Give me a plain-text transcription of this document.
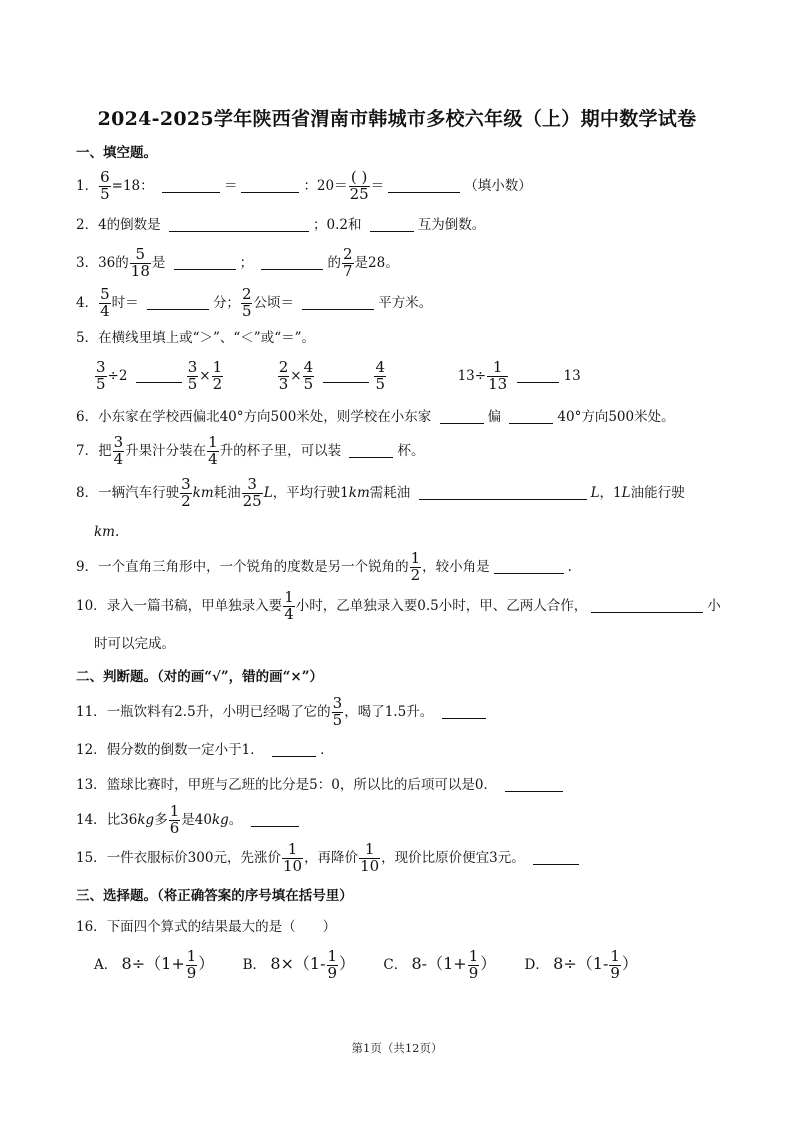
2024-2025学年陕西省渭南市韩城市多校六年级（上）期中数学试卷
一、填空题。
1． $\frac{6}{5} =18$：	＝	：$20= \frac{( )}{25}$ ＝	（填小数）
2．4的倒数是	；0.2和	互为倒数。
3．36的 $\frac{5}{18}$ 是	；	的 $\frac{2}{7}$ 是28。
4． $\frac{5}{4}$ 时＝	分； $\frac{2}{5}$ 公顷＝	平方米。
5．在横线里填上或“＞”、“＜”或“＝”。
$\frac{3}{5} \div 2$	$\frac{3}{5} \times \frac{1}{2}$
	$\frac{2}{3} \times \frac{4}{5}$
	$\frac{4}{5}$	$13\div \frac{1}{13}$	13
6．小东家在学校西偏北40°方向500米处，则学校在小东家	偏	40°方向500米处。
7．把 $\frac{3}{4}$ 升果汁分装在 $\frac{1}{4}$ 升的杯子里，可以装	杯。
8．一辆汽车行驶 $\frac{3}{2}$ km耗油 $\frac{3}{25}$ L，平均行驶1km需耗油	L，1L油能行驶
km.
9．一个直角三角形中，一个锐角的度数是另一个锐角的 $\frac{1}{2}$ ，较小角是	.
10．录入一篇书稿，甲单独录入要 $\frac{1}{4}$ 小时，乙单独录入要0.5小时，甲、乙两人合作，	小
时可以完成。
二、判断题。（对的画“√”，错的画“×”）
11．一瓶饮料有2.5升，小明已经喝了它的 $\frac{3}{5}$ ，喝了1.5升。
12．假分数的倒数一定小于1．	．
13．篮球比赛时，甲班与乙班的比分是5：0，所以比的后项可以是0．
14．比36kg多 $\frac{1}{6}$ 是40kg。
15．一件衣服标价300元，先涨价 $\frac{1}{10}$ ，再降价 $\frac{1}{10}$ ，现价比原价便宜3元。
三、选择题。（将正确答案的序号填在括号里）
16．下面四个算式的结果最大的是（　　）
A． $8\div(1+ \frac{1}{9}$ ） B． $8\times(1- \frac{1}{9}$ ） C． $8-(1+ \frac{1}{9}$ ） D． $8\div(1- \frac{1}{9}$ ）
第1页（共12页）
